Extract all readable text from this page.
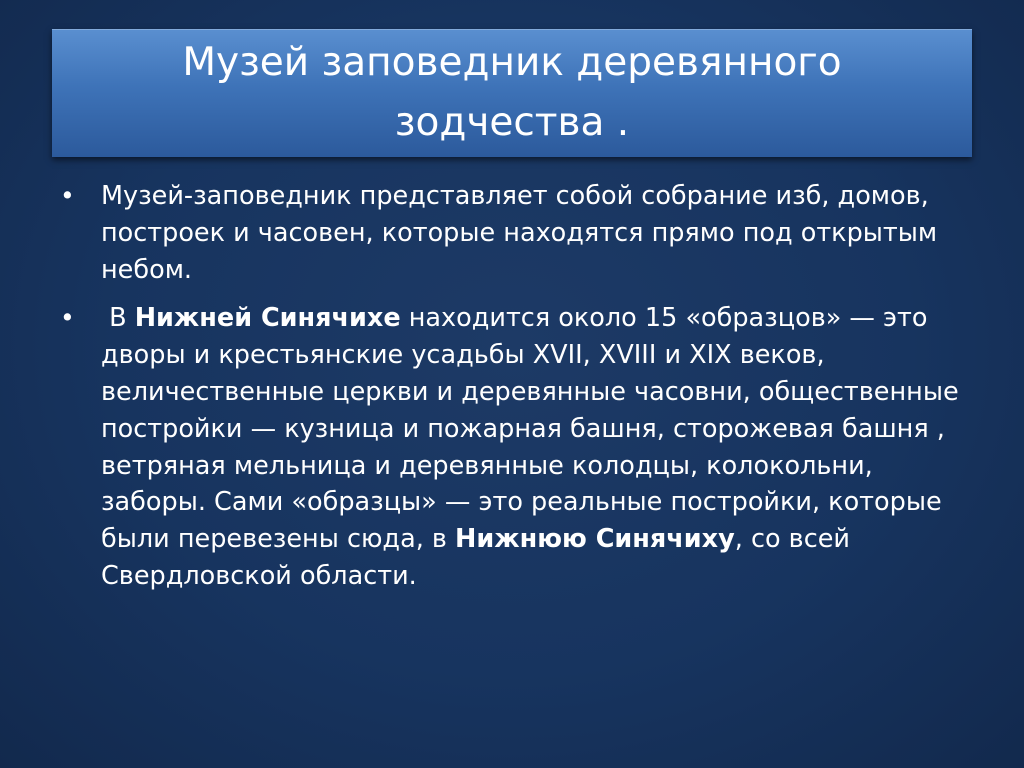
Музей заповедник деревянного зодчества .
• Музей-заповедник представляет собой собрание изб, домов, построек и часовен, которые находятся прямо под открытым небом.
• В Нижней Синячихе находится около 15 «образцов» — это дворы и крестьянские усадьбы XVII, XVIII и XIX веков, величественные церкви и деревянные часовни, общественные постройки — кузница и пожарная башня, сторожевая башня , ветряная мельница и деревянные колодцы, колокольни, заборы. Сами «образцы» — это реальные постройки, которые были перевезены сюда, в Нижнюю Синячиху, со всей Свердловской области.
